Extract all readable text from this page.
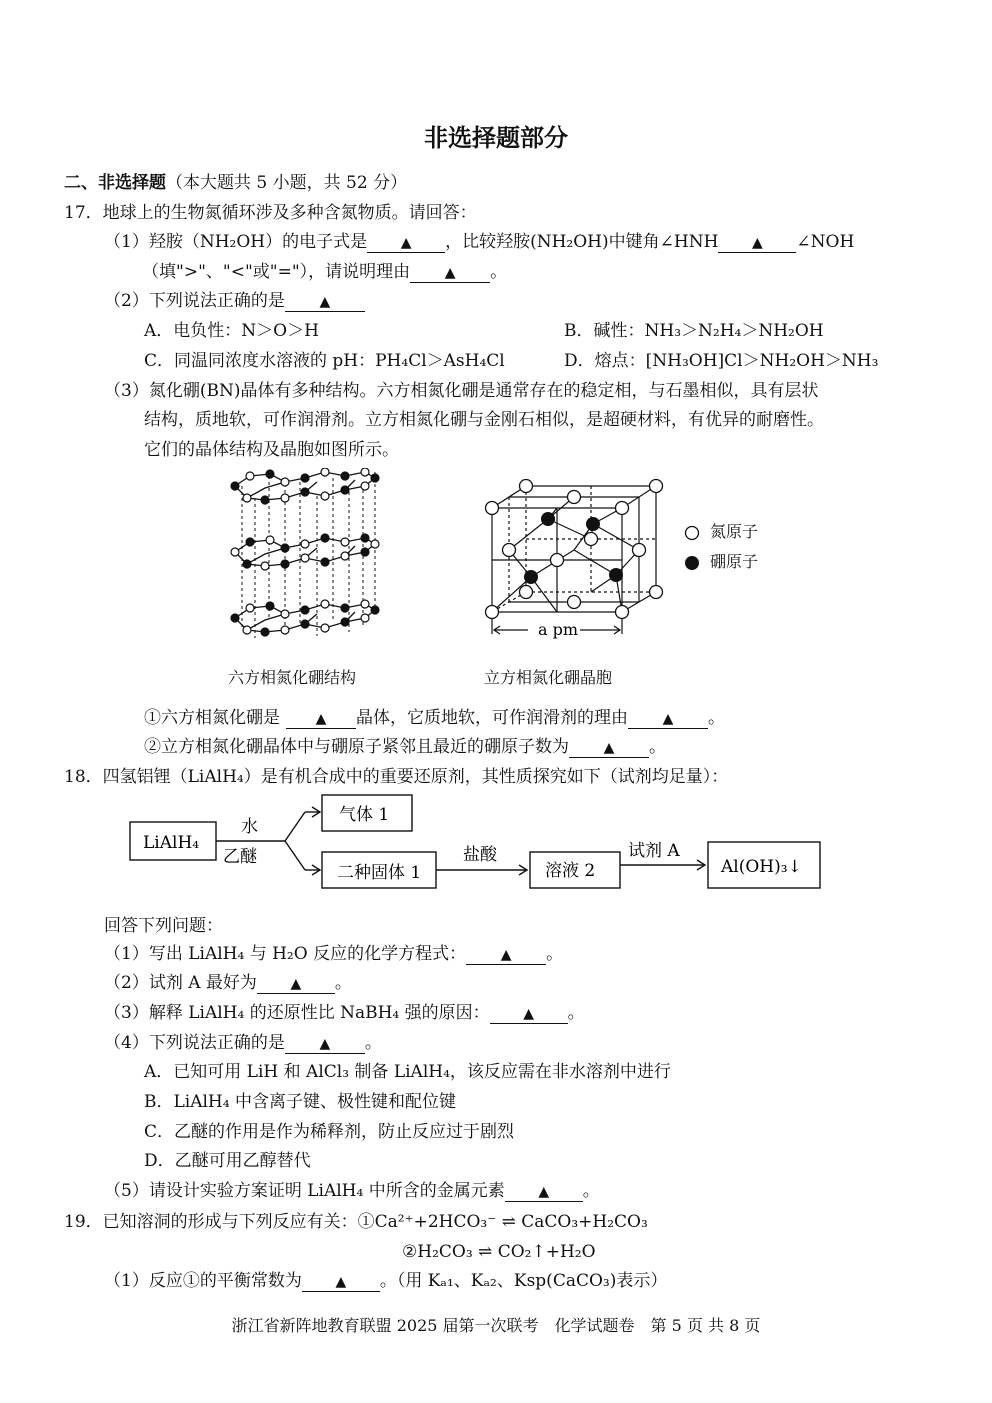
非选择题部分
二、非选择题（本大题共 5 小题，共 52 分）
17．地球上的生物氮循环涉及多种含氮物质。请回答：
（1）羟胺（NH₂OH）的电子式是 ▲ ，比较羟胺(NH₂OH)中键角∠HNH ▲ ∠NOH
（填">"、"<"或"="），请说明理由 ▲ 。
（2）下列说法正确的是 ▲
A．电负性：N＞O＞H	B．碱性：NH₃＞N₂H₄＞NH₂OH
C．同温同浓度水溶液的 pH：PH₄Cl＞AsH₄Cl	D．熔点：[NH₃OH]Cl＞NH₂OH＞NH₃
（3）氮化硼(BN)晶体有多种结构。六方相氮化硼是通常存在的稳定相，与石墨相似，具有层状
结构，质地软，可作润滑剂。立方相氮化硼与金刚石相似，是超硬材料，有优异的耐磨性。
它们的晶体结构及晶胞如图所示。
六方相氮化硼结构
a pm
氮原子
硼原子
立方相氮化硼晶胞
①六方相氮化硼是	▲ 晶体，它质地软，可作润滑剂的理由 ▲ 。
②立方相氮化硼晶体中与硼原子紧邻且最近的硼原子数为 ▲ 。
18．四氢铝锂（LiAlH₄）是有机合成中的重要还原剂，其性质探究如下（试剂均足量）：
LiAlH₄
水
乙醚
气体 1
二种固体 1
盐酸
溶液 2
试剂 A
Al(OH)₃↓
回答下列问题：
（1）写出 LiAlH₄ 与 H₂O 反应的化学方程式： ▲ 。
（2）试剂 A 最好为 ▲ 。
（3）解释 LiAlH₄ 的还原性比 NaBH₄ 强的原因： ▲ 。
（4）下列说法正确的是 ▲ 。
A．已知可用 LiH 和 AlCl₃ 制备 LiAlH₄，该反应需在非水溶剂中进行
B．LiAlH₄ 中含离子键、极性键和配位键
C．乙醚的作用是作为稀释剂，防止反应过于剧烈
D．乙醚可用乙醇替代
（5）请设计实验方案证明 LiAlH₄ 中所含的金属元素 ▲ 。
19．已知溶洞的形成与下列反应有关：①Ca²⁺+2HCO₃⁻ ⇌ CaCO₃+H₂CO₃
②H₂CO₃ ⇌ CO₂↑+H₂O
（1）反应①的平衡常数为 ▲ 。（用 Kₐ₁、Kₐ₂、Ksp(CaCO₃)表示）
浙江省新阵地教育联盟 2025 届第一次联考　化学试题卷　第 5 页 共 8 页
